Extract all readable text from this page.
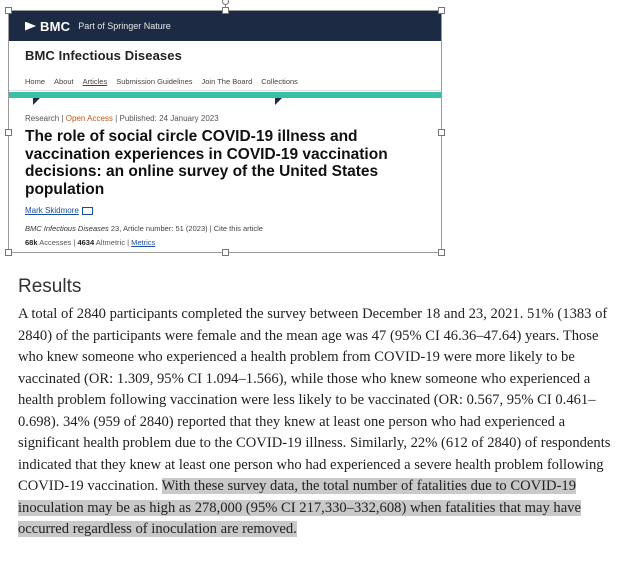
BMC Part of Springer Nature
BMC Infectious Diseases
Home About Articles Submission Guidelines Join The Board Collections
Research | Open Access | Published: 24 January 2023
The role of social circle COVID-19 illness and vaccination experiences in COVID-19 vaccination decisions: an online survey of the United States population
Mark Skidmore
BMC Infectious Diseases 23, Article number: 51 (2023) | Cite this article
68k Accesses | 4634 Altmetric | Metrics
Results
A total of 2840 participants completed the survey between December 18 and 23, 2021. 51% (1383 of 2840) of the participants were female and the mean age was 47 (95% CI 46.36–47.64) years. Those who knew someone who experienced a health problem from COVID-19 were more likely to be vaccinated (OR: 1.309, 95% CI 1.094–1.566), while those who knew someone who experienced a health problem following vaccination were less likely to be vaccinated (OR: 0.567, 95% CI 0.461–0.698). 34% (959 of 2840) reported that they knew at least one person who had experienced a significant health problem due to the COVID-19 illness. Similarly, 22% (612 of 2840) of respondents indicated that they knew at least one person who had experienced a severe health problem following COVID-19 vaccination. With these survey data, the total number of fatalities due to COVID-19 inoculation may be as high as 278,000 (95% CI 217,330–332,608) when fatalities that may have occurred regardless of inoculation are removed.
